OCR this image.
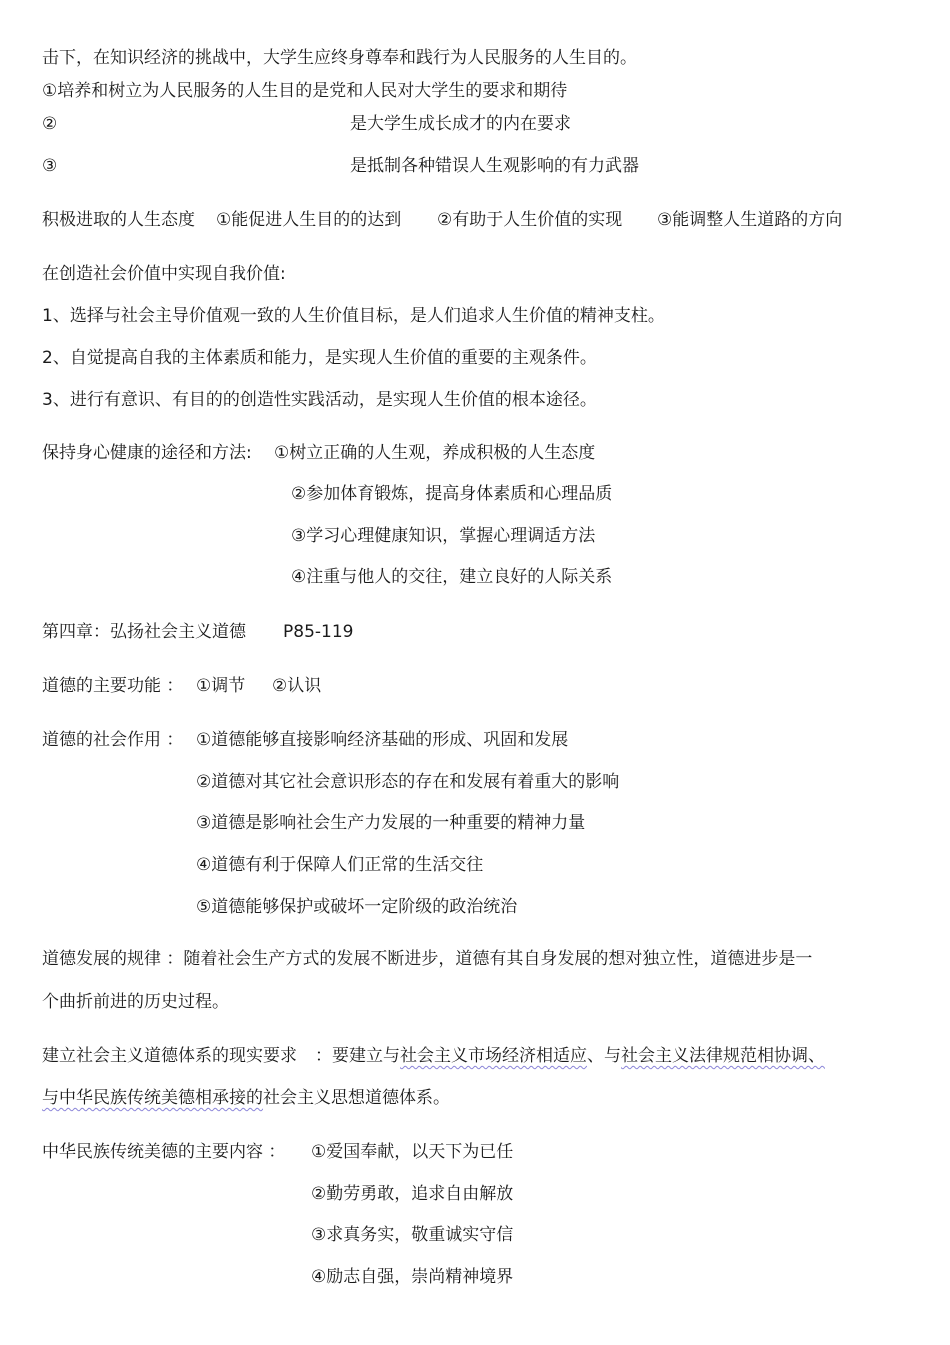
击下，在知识经济的挑战中，大学生应终身尊奉和践行为人民服务的人生目的。

①培养和树立为人民服务的人生目的是党和人民对大学生的要求和期待

②	是大学生成长成才的内在要求

③	是抵制各种错误人生观影响的有力武器

积极进取的人生态度 ①能促进人生目的的达到 ②有助于人生价值的实现 ③能调整人生道路的方向

在创造社会价值中实现自我价值:

1、选择与社会主导价值观一致的人生价值目标，是人们追求人生价值的精神支柱。

2、自觉提高自我的主体素质和能力，是实现人生价值的重要的主观条件。

3、进行有意识、有目的的创造性实践活动，是实现人生价值的根本途径。

保持身心健康的途径和方法: ①树立正确的人生观，养成积极的人生态度

②参加体育锻炼，提高身体素质和心理品质

③学习心理健康知识，掌握心理调适方法

④注重与他人的交往，建立良好的人际关系

第四章：弘扬社会主义道德 P85-119

道德的主要功能 ： ①调节 ②认识

道德的社会作用 ： ①道德能够直接影响经济基础的形成、巩固和发展

②道德对其它社会意识形态的存在和发展有着重大的影响

③道德是影响社会生产力发展的一种重要的精神力量

④道德有利于保障人们正常的生活交往

⑤道德能够保护或破坏一定阶级的政治统治

道德发展的规律 ：随着社会生产方式的发展不断进步，道德有其自身发展的想对独立性，道德进步是一

个曲折前进的历史过程。

建立社会主义道德体系的现实要求 ：要建立与社会主义市场经济相适应、与社会主义法律规范相协调、

与中华民族传统美德相承接的社会主义思想道德体系。

中华民族传统美德的主要内容 ： ①爱国奉献，以天下为已任

②勤劳勇敢，追求自由解放

③求真务实，敬重诚实守信

④励志自强，崇尚精神境界
